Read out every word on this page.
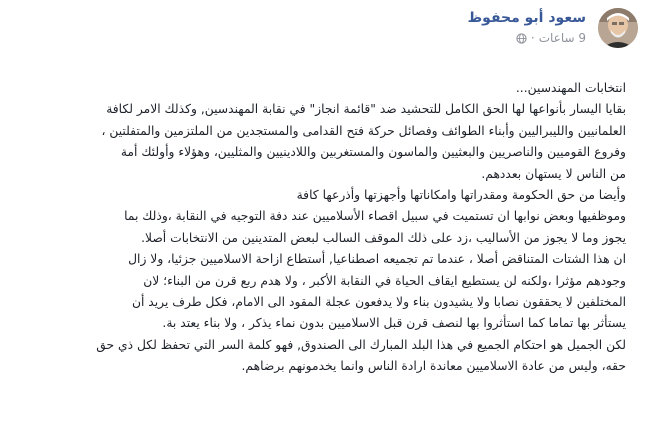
سعود أبو محفوظ
9 ساعات
·

انتخابات المهندسين...

بقايا اليسار بأنواعها لها الحق الكامل للتحشيد ضد "قائمة انجاز" في نقابة المهندسين, وكذلك الامر لكافة

العلمانيين والليبراليين وأبناء الطوائف وفصائل حركة فتح القدامى والمستجدين من الملتزمين والمتفلتين ،

وفروع القوميين والناصريين والبعثيين والماسون والمستغربين واللادينيين والمثليين، وهؤلاء وأولئك أمة

من الناس لا يستهان بعددهم.

وأيضا من حق الحكومة ومقدراتها وامكاناتها وأجهزتها وأذرعها كافة

وموظفيها وبعض نوابها ان تستميت في سبيل اقصاء الأسلاميين عند دفة التوجيه في النقابة ،وذلك بما

يجوز وما لا يجوز من الأساليب ،زد على ذلك الموقف السالب لبعض المتدينين من الانتخابات أصلا.

ان هذا الشتات المتناقض أصلا ، عندما تم تجميعه اصطناعيا, أستطاع ازاحة الاسلاميين جزئيا، ولا زال

وجودهم مؤثرا ،ولكنه لن يستطيع ايقاف الحياة في النقابة الأكبر ، ولا هدم ربع قرن من البناء؛ لان

المختلفين لا يحققون نصابا ولا يشيدون بناء ولا يدفعون عجلة المقود الى الامام، فكل طرف يريد أن

يستأثر بها تماما كما استأثروا بها لنصف قرن قبل الاسلاميين بدون نماء يذكر ، ولا بناء يعتد بة.

لكن الجميل هو احتكام الجميع في هذا البلد المبارك الى الصندوق, فهو كلمة السر التي تحفظ لكل ذي حق

حقه، وليس من عادة الاسلاميين معاندة ارادة الناس وانما يخدمونهم برضاهم.
